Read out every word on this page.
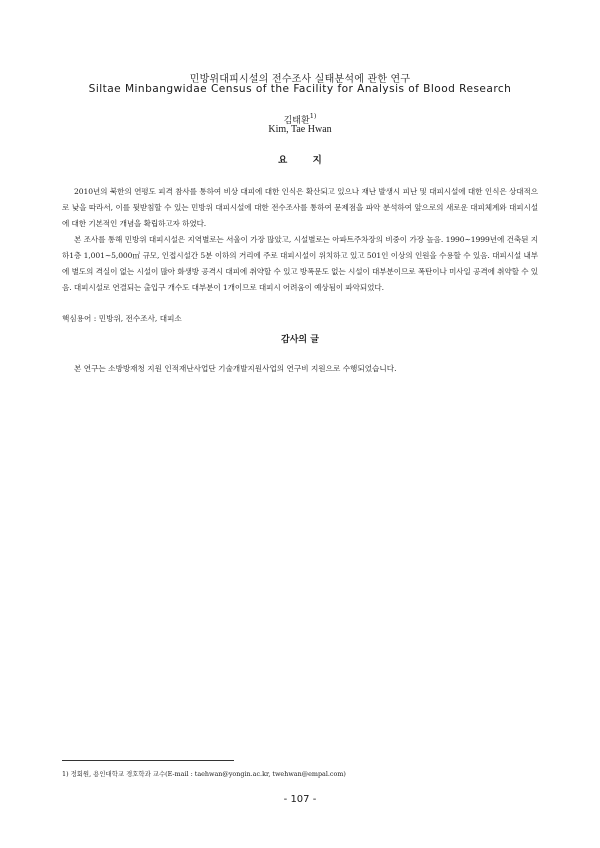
민방위대피시설의 전수조사 실태분석에 관한 연구
Siltae Minbangwidae Census of the Facility for Analysis of Blood Research
김태환$^{1)}$
Kim, Tae Hwan
요 지

2010년의 북한의 연평도 피격 참사를 통하여 비상 대피에 대한 인식은 확산되고 있으나 재난 발생시 피난 및 대피시설에 대한 인식은 상대적으로 낮을 따라서, 이를 뒷받침할 수 있는 민방위 대피시설에 대한 전수조사를 통하여 문제점을 파악 분석하여 앞으로의 새로운 대피체계와 대피시설에 대한 기본적인 개념을 확립하고자 하였다.

본 조사를 통해 민방위 대피시설은 지역별로는 서울이 가장 많았고, 시설별로는 아파트주차장의 비중이 가장 높음. 1990∼1999년에 건축된 지하1층 1,001∼5,000㎡ 규모, 인접시설간 5분 이하의 거리에 주로 대피시설이 위치하고 있고 501인 이상의 인원을 수용할 수 있음. 대피시설 내부에 별도의 격실이 없는 시설이 많아 화생방 공격시 대피에 취약할 수 있고 방폭문도 없는 시설이 대부분이므로 폭탄이나 미사일 공격에 취약할 수 있음. 대피시설로 연결되는 출입구 개수도 대부분이 1개이므로 대피시 어려움이 예상됨이 파악되었다.

핵심용어 : 민방위, 전수조사, 대피소
감사의 글
본 연구는 소방방재청 지원 인적재난사업단 기술개발지원사업의 연구비 지원으로 수행되었습니다.
1) 정회원, 용인대학교 경호학과 교수(E-mail : taehwan@yongin.ac.kr, twehwan@empal.com)
- 107 -
